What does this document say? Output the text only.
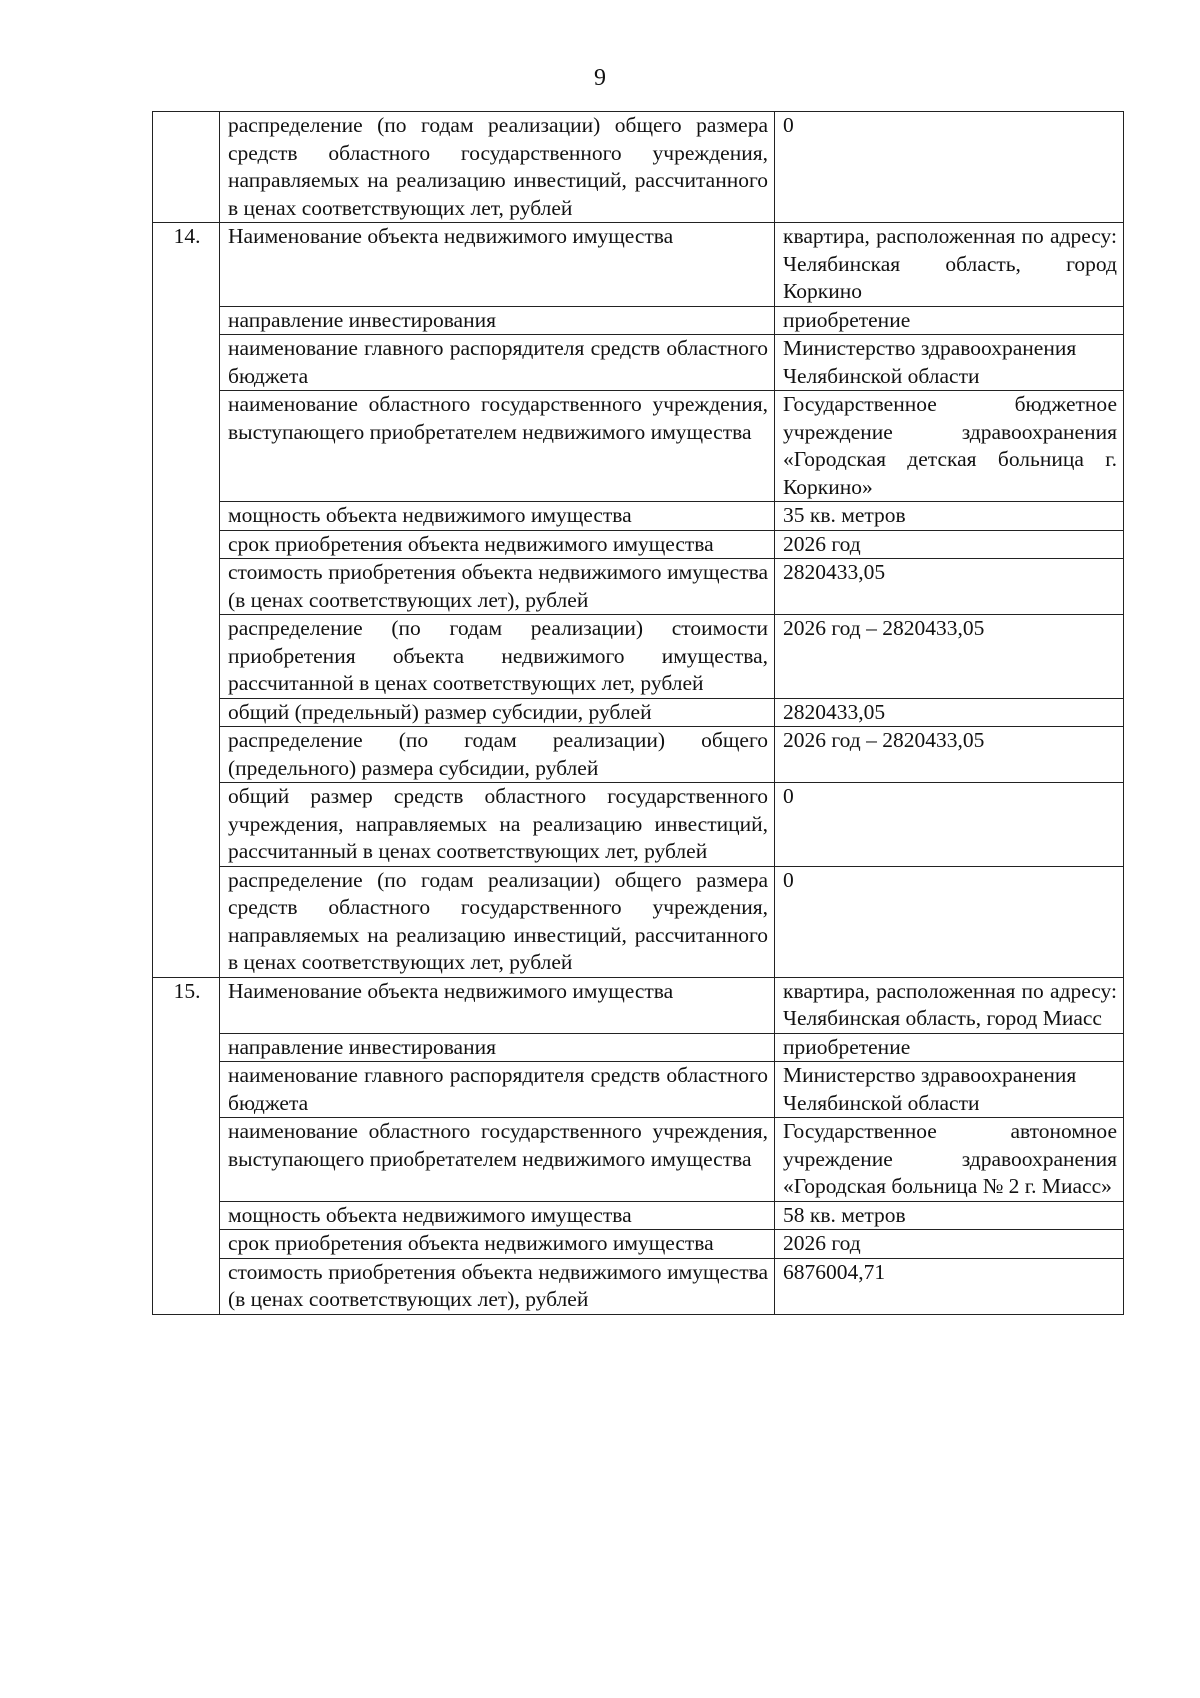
9
	распределение (по годам реализации) общего размера средств областного государственного учреждения, направляемых на реализацию инвестиций, рассчитанного в ценах соответствующих лет, рублей	0
14.	Наименование объекта недвижимого имущества	квартира, расположенная по адресу: Челябинская область, город Коркино
	направление инвестирования	приобретение
	наименование главного распорядителя средств областного бюджета	Министерство здравоохранения Челябинской области
	наименование областного государственного учреждения, выступающего приобретателем недвижимого имущества	Государственное бюджетное учреждение здравоохранения «Городская детская больница г. Коркино»
	мощность объекта недвижимого имущества	35 кв. метров
	срок приобретения объекта недвижимого имущества	2026 год
	стоимость приобретения объекта недвижимого имущества (в ценах соответствующих лет), рублей	2820433,05
	распределение (по годам реализации) стоимости приобретения объекта недвижимого имущества, рассчитанной в ценах соответствующих лет, рублей	2026 год – 2820433,05
	общий (предельный) размер субсидии, рублей	2820433,05
	распределение (по годам реализации) общего (предельного) размера субсидии, рублей	2026 год – 2820433,05
	общий размер средств областного государственного учреждения, направляемых на реализацию инвестиций, рассчитанный в ценах соответствующих лет, рублей	0
	распределение (по годам реализации) общего размера средств областного государственного учреждения, направляемых на реализацию инвестиций, рассчитанного в ценах соответствующих лет, рублей	0
15.	Наименование объекта недвижимого имущества	квартира, расположенная по адресу: Челябинская область, город Миасс
	направление инвестирования	приобретение
	наименование главного распорядителя средств областного бюджета	Министерство здравоохранения Челябинской области
	наименование областного государственного учреждения, выступающего приобретателем недвижимого имущества	Государственное автономное учреждение здравоохранения «Городская больница № 2 г. Миасс»
	мощность объекта недвижимого имущества	58 кв. метров
	срок приобретения объекта недвижимого имущества	2026 год
	стоимость приобретения объекта недвижимого имущества (в ценах соответствующих лет), рублей	6876004,71
